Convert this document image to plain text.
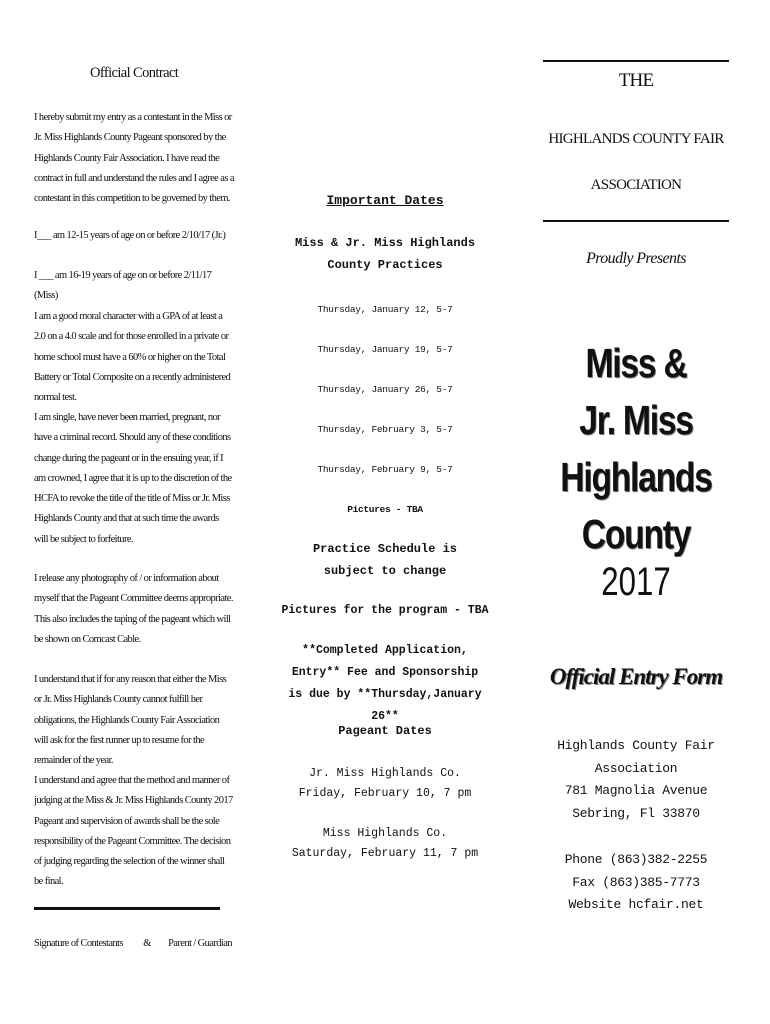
Official Contract
I hereby submit my entry as a contestant in the Miss or Jr. Miss Highlands County Pageant sponsored by the Highlands County Fair Association. I have read the contract in full and understand the rules and I agree as a contestant in this competition to be governed by them.
I___ am 12-15 years of age on or before 2/10/17 (Jr.)
I ___ am 16-19 years of age on or before 2/11/17 (Miss)
I am a good moral character with a GPA of at least a 2.0 on a 4.0 scale and for those enrolled in a private or home school must have a 60% or higher on the Total Battery or Total Composite on a recently administered normal test.
I am single, have never been married, pregnant, nor have a criminal record. Should any of these conditions change during the pageant or in the ensuing year, if I am crowned, I agree that it is up to the discretion of the HCFA to revoke the title of the title of Miss or Jr. Miss Highlands County and that at such time the awards will be subject to forfeiture.
I release any photography of / or information about myself that the Pageant Committee deems appropriate. This also includes the taping of the pageant which will be shown on Comcast Cable.
I understand that if for any reason that either the Miss or Jr. Miss Highlands County cannot fulfill her obligations, the Highlands County Fair Association will ask for the first runner up to resume for the remainder of the year.
I understand and agree that the method and manner of judging at the Miss & Jr. Miss Highlands County 2017 Pageant and supervision of awards shall be the sole responsibility of the Pageant Committee. The decision of judging regarding the selection of the winner shall be final.
Signature of Contestants & Parent / Guardian
Important Dates
Miss & Jr. Miss Highlands County Practices
Thursday, January 12, 5-7
Thursday, January 19, 5-7
Thursday, January 26, 5-7
Thursday, February 3, 5-7
Thursday, February 9, 5-7
Pictures - TBA
Practice Schedule is subject to change
Pictures for the program - TBA
**Completed Application, Entry** Fee and Sponsorship is due by **Thursday,January 26**
Pageant Dates
Jr. Miss Highlands Co.
Friday, February 10, 7 pm
Miss Highlands Co.
Saturday, February 11, 7 pm
THE
HIGHLANDS COUNTY FAIR
ASSOCIATION
Proudly Presents
Miss &
Jr. Miss
Highlands
County
2017
Official Entry Form
Highlands County Fair Association
781 Magnolia Avenue
Sebring, Fl 33870
Phone (863)382-2255
Fax (863)385-7773
Website hcfair.net
